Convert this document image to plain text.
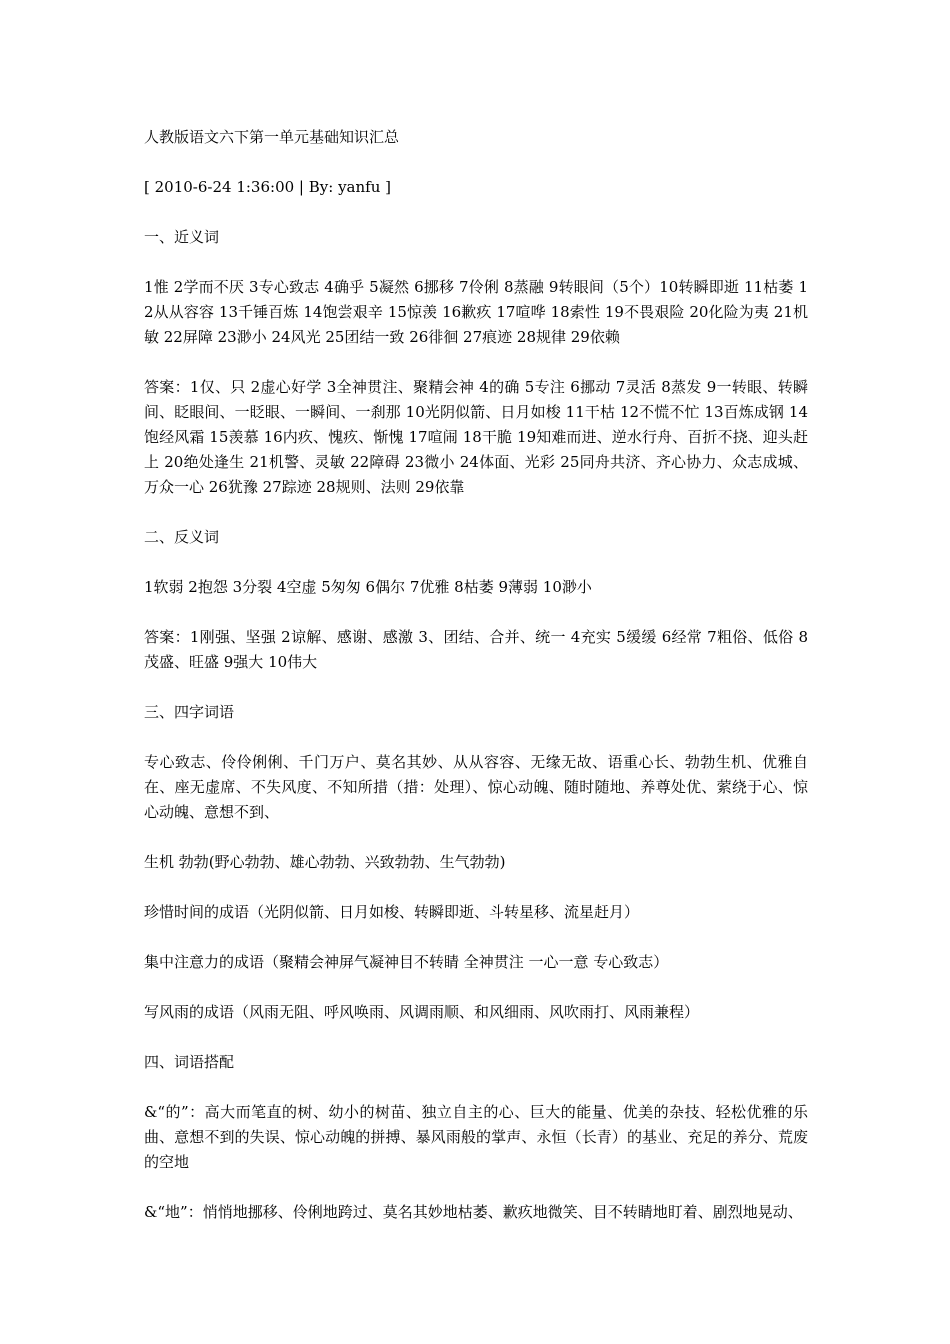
人教版语文六下第一单元基础知识汇总

[ 2010-6-24 1:36:00 | By: yanfu ]

一、近义词

1惟 2学而不厌 3专心致志 4确乎 5凝然 6挪移 7伶俐 8蒸融 9转眼间（5个）10转瞬即逝 11枯萎 12从从容容 13千锤百炼 14饱尝艰辛 15惊羡 16歉疚 17喧哗 18索性 19不畏艰险 20化险为夷 21机敏 22屏障 23渺小 24风光 25团结一致 26徘徊 27痕迹 28规律 29依赖

答案：1仅、只 2虚心好学 3全神贯注、聚精会神 4的确 5专注 6挪动 7灵活 8蒸发 9一转眼、转瞬间、眨眼间、一眨眼、一瞬间、一刹那 10光阴似箭、日月如梭 11干枯 12不慌不忙 13百炼成钢 14饱经风霜 15羡慕 16内疚、愧疚、惭愧 17喧闹 18干脆 19知难而进、逆水行舟、百折不挠、迎头赶上 20绝处逢生 21机警、灵敏 22障碍 23微小 24体面、光彩 25同舟共济、齐心协力、众志成城、万众一心 26犹豫 27踪迹 28规则、法则 29依靠

二、反义词

1软弱 2抱怨 3分裂 4空虚 5匆匆 6偶尔 7优雅 8枯萎 9薄弱 10渺小

答案：1刚强、坚强 2谅解、感谢、感激 3、团结、合并、统一 4充实 5缓缓 6经常 7粗俗、低俗 8茂盛、旺盛 9强大 10伟大

三、四字词语

专心致志、伶伶俐俐、千门万户、莫名其妙、从从容容、无缘无故、语重心长、勃勃生机、优雅自在、座无虚席、不失风度、不知所措（措：处理）、惊心动魄、随时随地、养尊处优、萦绕于心、惊心动魄、意想不到、

生机 勃勃(野心勃勃、雄心勃勃、兴致勃勃、生气勃勃)

珍惜时间的成语（光阴似箭、日月如梭、转瞬即逝、斗转星移、流星赶月）

集中注意力的成语（聚精会神屏气凝神目不转睛 全神贯注 一心一意 专心致志）

写风雨的成语（风雨无阻、呼风唤雨、风调雨顺、和风细雨、风吹雨打、风雨兼程）

四、词语搭配

&“的”：高大而笔直的树、幼小的树苗、独立自主的心、巨大的能量、优美的杂技、轻松优雅的乐曲、意想不到的失误、惊心动魄的拼搏、暴风雨般的掌声、永恒（长青）的基业、充足的养分、荒废的空地

&“地”：悄悄地挪移、伶俐地跨过、莫名其妙地枯萎、歉疚地微笑、目不转睛地盯着、剧烈地晃动、
